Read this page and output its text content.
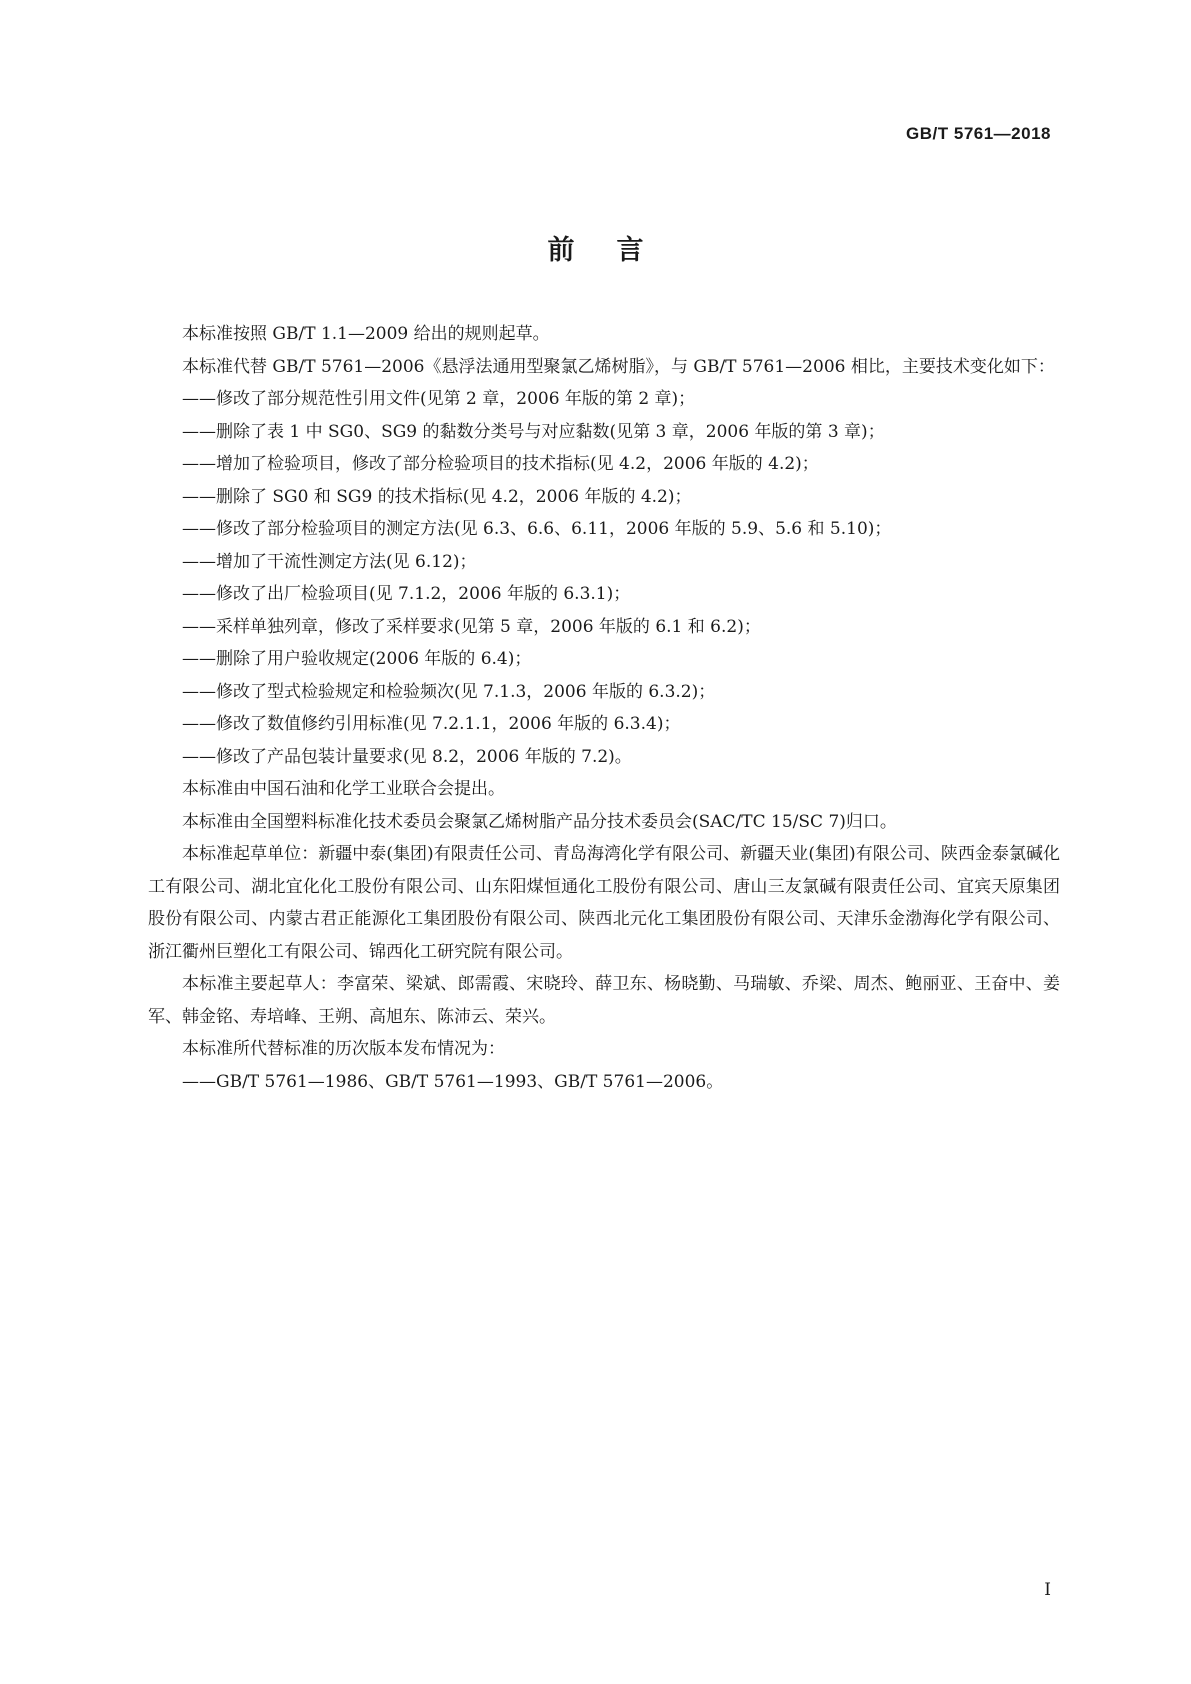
GB/T 5761—2018
前言

本标准按照 GB/T 1.1—2009 给出的规则起草。

本标准代替 GB/T 5761—2006《悬浮法通用型聚氯乙烯树脂》，与 GB/T 5761—2006 相比，主要技术变化如下：

——修改了部分规范性引用文件(见第 2 章，2006 年版的第 2 章)；

——删除了表 1 中 SG0、SG9 的黏数分类号与对应黏数(见第 3 章，2006 年版的第 3 章)；

——增加了检验项目，修改了部分检验项目的技术指标(见 4.2，2006 年版的 4.2)；

——删除了 SG0 和 SG9 的技术指标(见 4.2，2006 年版的 4.2)；

——修改了部分检验项目的测定方法(见 6.3、6.6、6.11，2006 年版的 5.9、5.6 和 5.10)；

——增加了干流性测定方法(见 6.12)；

——修改了出厂检验项目(见 7.1.2，2006 年版的 6.3.1)；

——采样单独列章，修改了采样要求(见第 5 章，2006 年版的 6.1 和 6.2)；

——删除了用户验收规定(2006 年版的 6.4)；

——修改了型式检验规定和检验频次(见 7.1.3，2006 年版的 6.3.2)；

——修改了数值修约引用标准(见 7.2.1.1，2006 年版的 6.3.4)；

——修改了产品包装计量要求(见 8.2，2006 年版的 7.2)。

本标准由中国石油和化学工业联合会提出。

本标准由全国塑料标准化技术委员会聚氯乙烯树脂产品分技术委员会(SAC/TC 15/SC 7)归口。

本标准起草单位：新疆中泰(集团)有限责任公司、青岛海湾化学有限公司、新疆天业(集团)有限公司、陕西金泰氯碱化工有限公司、湖北宜化化工股份有限公司、山东阳煤恒通化工股份有限公司、唐山三友氯碱有限责任公司、宜宾天原集团股份有限公司、内蒙古君正能源化工集团股份有限公司、陕西北元化工集团股份有限公司、天津乐金渤海化学有限公司、浙江衢州巨塑化工有限公司、锦西化工研究院有限公司。

本标准主要起草人：李富荣、梁斌、郎需霞、宋晓玲、薛卫东、杨晓勤、马瑞敏、乔梁、周杰、鲍丽亚、王奋中、姜军、韩金铭、寿培峰、王朔、高旭东、陈沛云、荣兴。

本标准所代替标准的历次版本发布情况为：

——GB/T 5761—1986、GB/T 5761—1993、GB/T 5761—2006。

I
